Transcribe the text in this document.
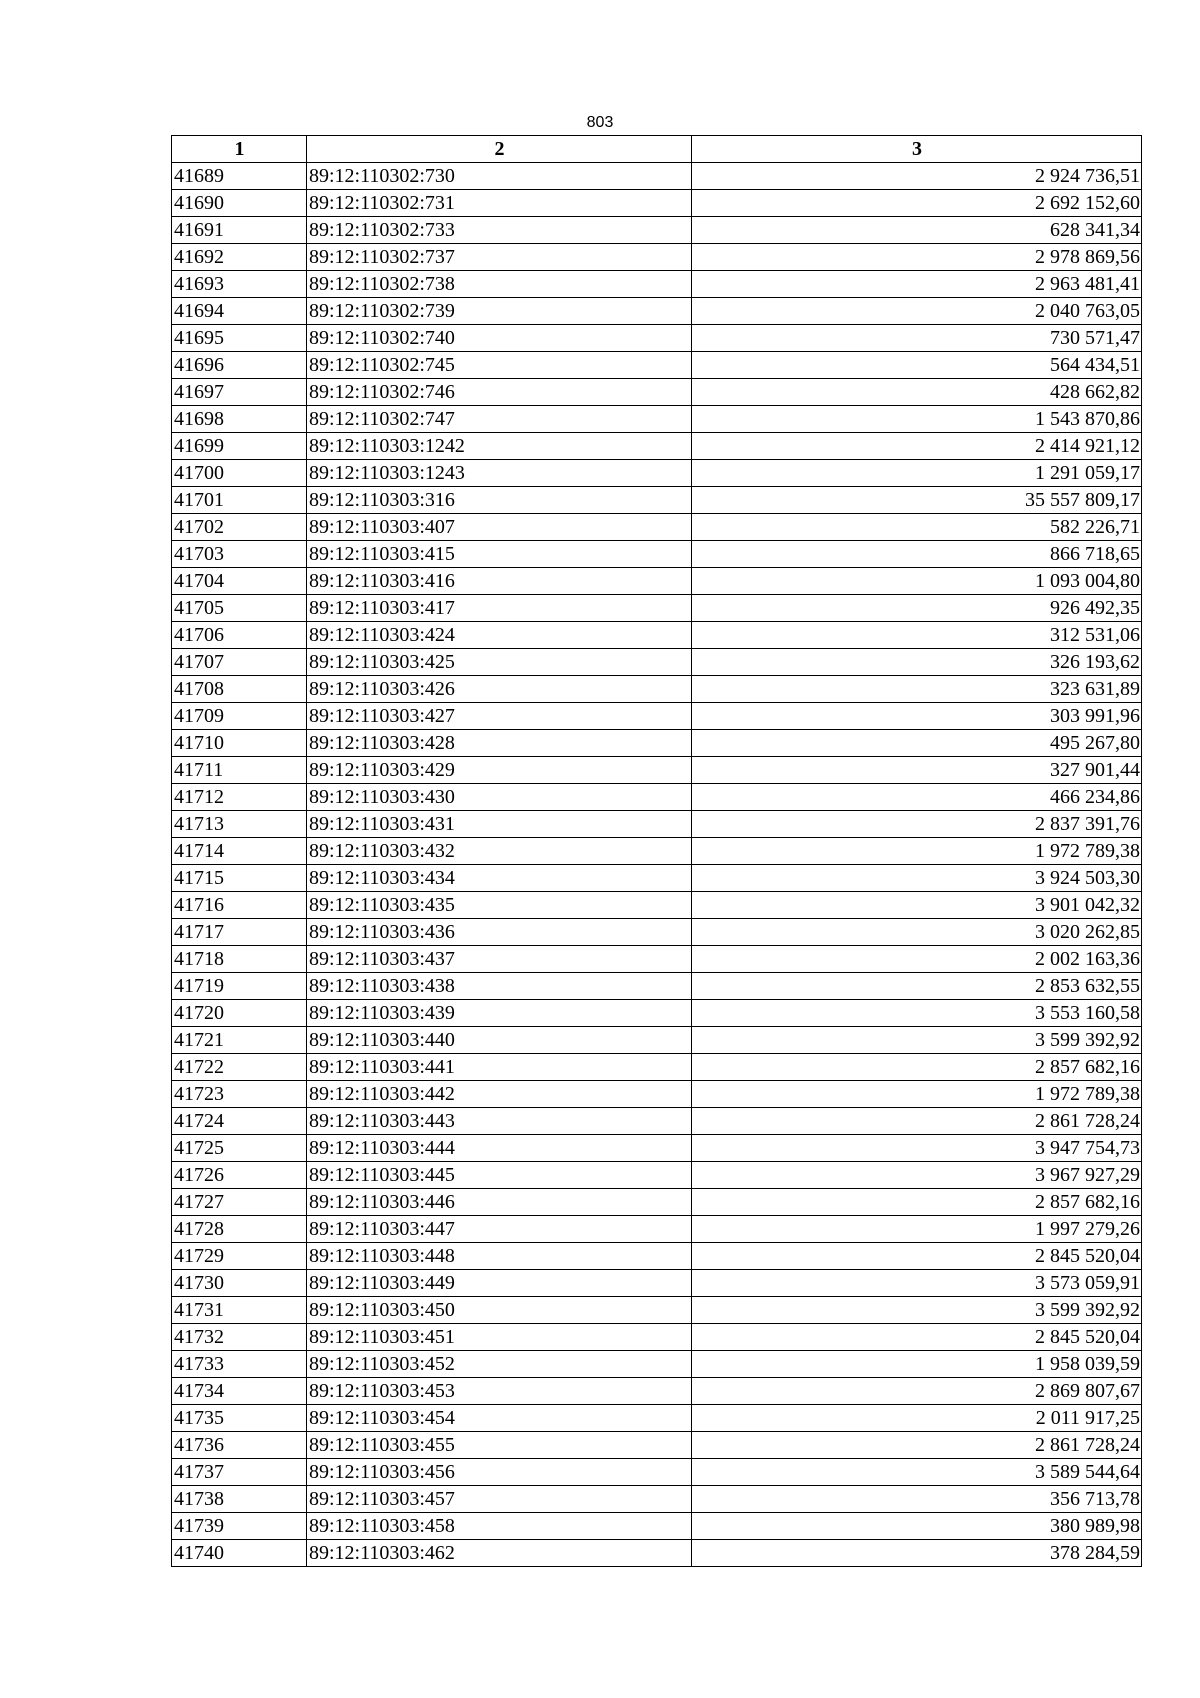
803
1	2	3
41689	89:12:110302:730	2 924 736,51
41690	89:12:110302:731	2 692 152,60
41691	89:12:110302:733	628 341,34
41692	89:12:110302:737	2 978 869,56
41693	89:12:110302:738	2 963 481,41
41694	89:12:110302:739	2 040 763,05
41695	89:12:110302:740	730 571,47
41696	89:12:110302:745	564 434,51
41697	89:12:110302:746	428 662,82
41698	89:12:110302:747	1 543 870,86
41699	89:12:110303:1242	2 414 921,12
41700	89:12:110303:1243	1 291 059,17
41701	89:12:110303:316	35 557 809,17
41702	89:12:110303:407	582 226,71
41703	89:12:110303:415	866 718,65
41704	89:12:110303:416	1 093 004,80
41705	89:12:110303:417	926 492,35
41706	89:12:110303:424	312 531,06
41707	89:12:110303:425	326 193,62
41708	89:12:110303:426	323 631,89
41709	89:12:110303:427	303 991,96
41710	89:12:110303:428	495 267,80
41711	89:12:110303:429	327 901,44
41712	89:12:110303:430	466 234,86
41713	89:12:110303:431	2 837 391,76
41714	89:12:110303:432	1 972 789,38
41715	89:12:110303:434	3 924 503,30
41716	89:12:110303:435	3 901 042,32
41717	89:12:110303:436	3 020 262,85
41718	89:12:110303:437	2 002 163,36
41719	89:12:110303:438	2 853 632,55
41720	89:12:110303:439	3 553 160,58
41721	89:12:110303:440	3 599 392,92
41722	89:12:110303:441	2 857 682,16
41723	89:12:110303:442	1 972 789,38
41724	89:12:110303:443	2 861 728,24
41725	89:12:110303:444	3 947 754,73
41726	89:12:110303:445	3 967 927,29
41727	89:12:110303:446	2 857 682,16
41728	89:12:110303:447	1 997 279,26
41729	89:12:110303:448	2 845 520,04
41730	89:12:110303:449	3 573 059,91
41731	89:12:110303:450	3 599 392,92
41732	89:12:110303:451	2 845 520,04
41733	89:12:110303:452	1 958 039,59
41734	89:12:110303:453	2 869 807,67
41735	89:12:110303:454	2 011 917,25
41736	89:12:110303:455	2 861 728,24
41737	89:12:110303:456	3 589 544,64
41738	89:12:110303:457	356 713,78
41739	89:12:110303:458	380 989,98
41740	89:12:110303:462	378 284,59
